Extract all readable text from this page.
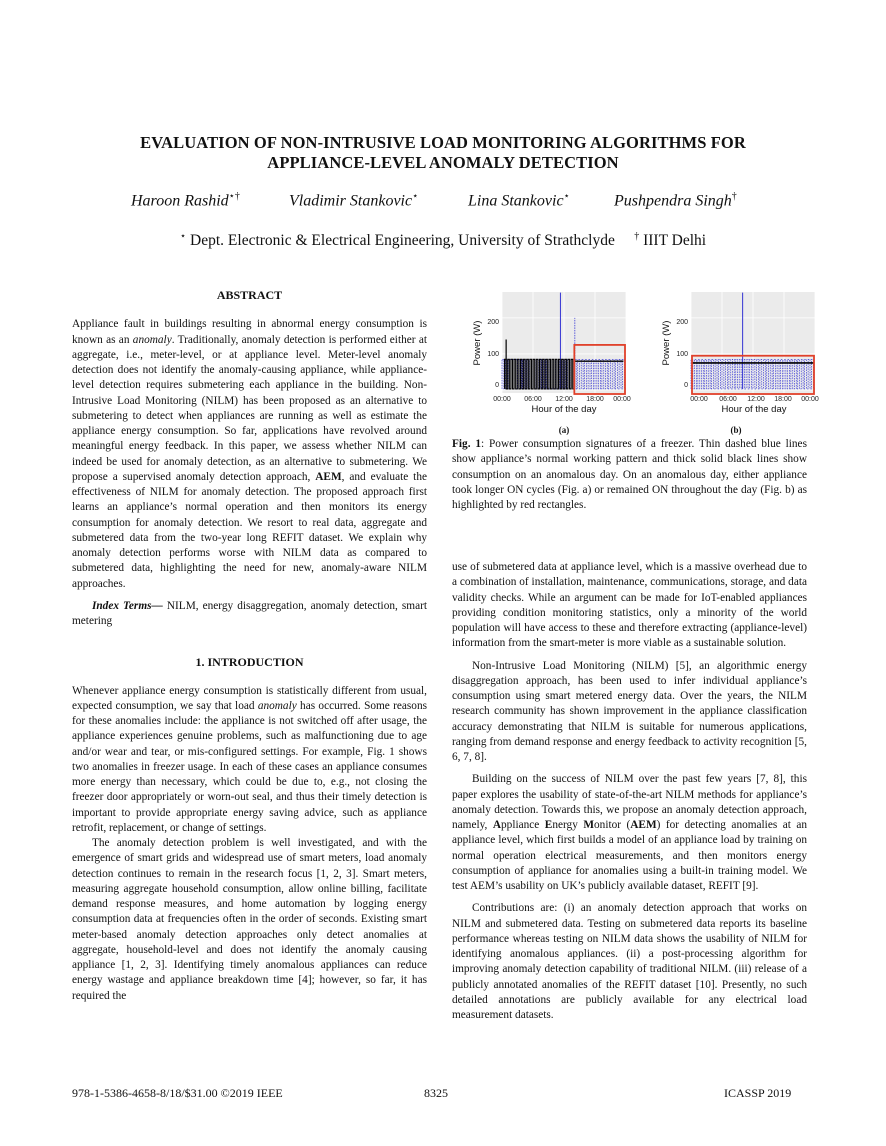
EVALUATION OF NON-INTRUSIVE LOAD MONITORING ALGORITHMS FOR
APPLIANCE-LEVEL ANOMALY DETECTION
Haroon Rashid⋆†	Vladimir Stankovic⋆	Lina Stankovic⋆	Pushpendra Singh†
⋆ Dept. Electronic & Electrical Engineering, University of Strathclyde † IIIT Delhi
ABSTRACT

Appliance fault in buildings resulting in abnormal energy consumption is known as an anomaly. Traditionally, anomaly detection is performed either at aggregate, i.e., meter-level, or at appliance level. Meter-level anomaly detection does not identify the anomaly-causing appliance, while appliance-level detection requires submetering each appliance in the building. Non-Intrusive Load Monitoring (NILM) has been proposed as an alternative to submetering to detect when appliances are running as well as estimate the appliance energy consumption. So far, applications have revolved around meaningful energy feedback. In this paper, we assess whether NILM can indeed be used for anomaly detection, as an alternative to submetering. We propose a supervised anomaly detection approach, AEM, and evaluate the effectiveness of NILM for anomaly detection. The proposed approach first learns an appliance’s normal operation and then monitors its energy consumption for anomaly detection. We resort to real data, aggregate and submetered data from the two-year long REFIT dataset. We explain why anomaly detection performs worse with NILM data as compared to submetered data, highlighting the need for new, anomaly-aware NILM approaches.

Index Terms— NILM, energy disaggregation, anomaly detection, smart metering

1. INTRODUCTION

Whenever appliance energy consumption is statistically different from usual, expected consumption, we say that load anomaly has occurred. Some reasons for these anomalies include: the appliance is not switched off after usage, the appliance experiences genuine problems, such as malfunctioning due to age and/or wear and tear, or mis-configured settings. For example, Fig. 1 shows two anomalies in freezer usage. In each of these cases an appliance consumes more energy than necessary, which could be due to, e.g., not closing the freezer door appropriately or worn-out seal, and thus their timely detection is important to provide appropriate energy saving advice, such as appliance retrofit, replacement, or change of settings.

The anomaly detection problem is well investigated, and with the emergence of smart grids and widespread use of smart meters, load anomaly detection continues to remain in the research focus [1, 2, 3]. Smart meters, measuring aggregate household consumption, allow online billing, facilitate demand response measures, and home automation by logging energy consumption data at frequencies often in the order of seconds. Existing smart meter-based anomaly detection approaches only detect anomalies at aggregate, household-level and does not identify the anomaly causing appliance [1, 2, 3]. Identifying timely anomalous appliances can reduce energy wastage and appliance breakdown time [4]; however, so far, it has required the

200
100
0
00:00 06:00 12:00 18:00 00:00
Hour of the day
Power (W)
(a)
200
100
0
00:00 06:00 12:00 18:00 00:00
Hour of the day
Power (W)
(b)
Fig. 1: Power consumption signatures of a freezer. Thin dashed blue lines show appliance’s normal working pattern and thick solid black lines show consumption on an anomalous day. On an anomalous day, either appliance took longer ON cycles (Fig. a) or remained ON throughout the day (Fig. b) as highlighted by red rectangles.

use of submetered data at appliance level, which is a massive overhead due to a combination of installation, maintenance, communications, storage, and data validity checks. While an argument can be made for IoT-enabled appliances providing condition monitoring statistics, only a minority of the world population will have access to these and therefore extracting (appliance-level) information from the smart-meter is more viable as a sustainable solution.

Non-Intrusive Load Monitoring (NILM) [5], an algorithmic energy disaggregation approach, has been used to infer individual appliance’s consumption using smart metered energy data. Over the years, the NILM research community has shown improvement in the appliance classification accuracy demonstrating that NILM is suitable for numerous applications, ranging from demand response and energy feedback to activity recognition [5, 6, 7, 8].

Building on the success of NILM over the past few years [7, 8], this paper explores the usability of state-of-the-art NILM methods for appliance’s anomaly detection. Towards this, we propose an anomaly detection approach, namely, Appliance Energy Monitor (AEM) for detecting anomalies at an appliance level, which first builds a model of an appliance load by training on normal operation electrical measurements, and then monitors energy consumption of appliance for anomalies using a built-in training model. We test AEM’s usability on UK’s publicly available dataset, REFIT [9].

Contributions are: (i) an anomaly detection approach that works on NILM and submetered data. Testing on submetered data reports its baseline performance whereas testing on NILM data shows the usability of NILM for identifying anomalous appliances. (ii) a post-processing algorithm for improving anomaly detection capability of traditional NILM. (iii) release of a publicly annotated anomalies of the REFIT dataset [10]. Presently, no such detailed annotations are publicly available for any electrical load measurement datasets.

978-1-5386-4658-8/18/$31.00 ©2019 IEEE	8325	ICASSP 2019
